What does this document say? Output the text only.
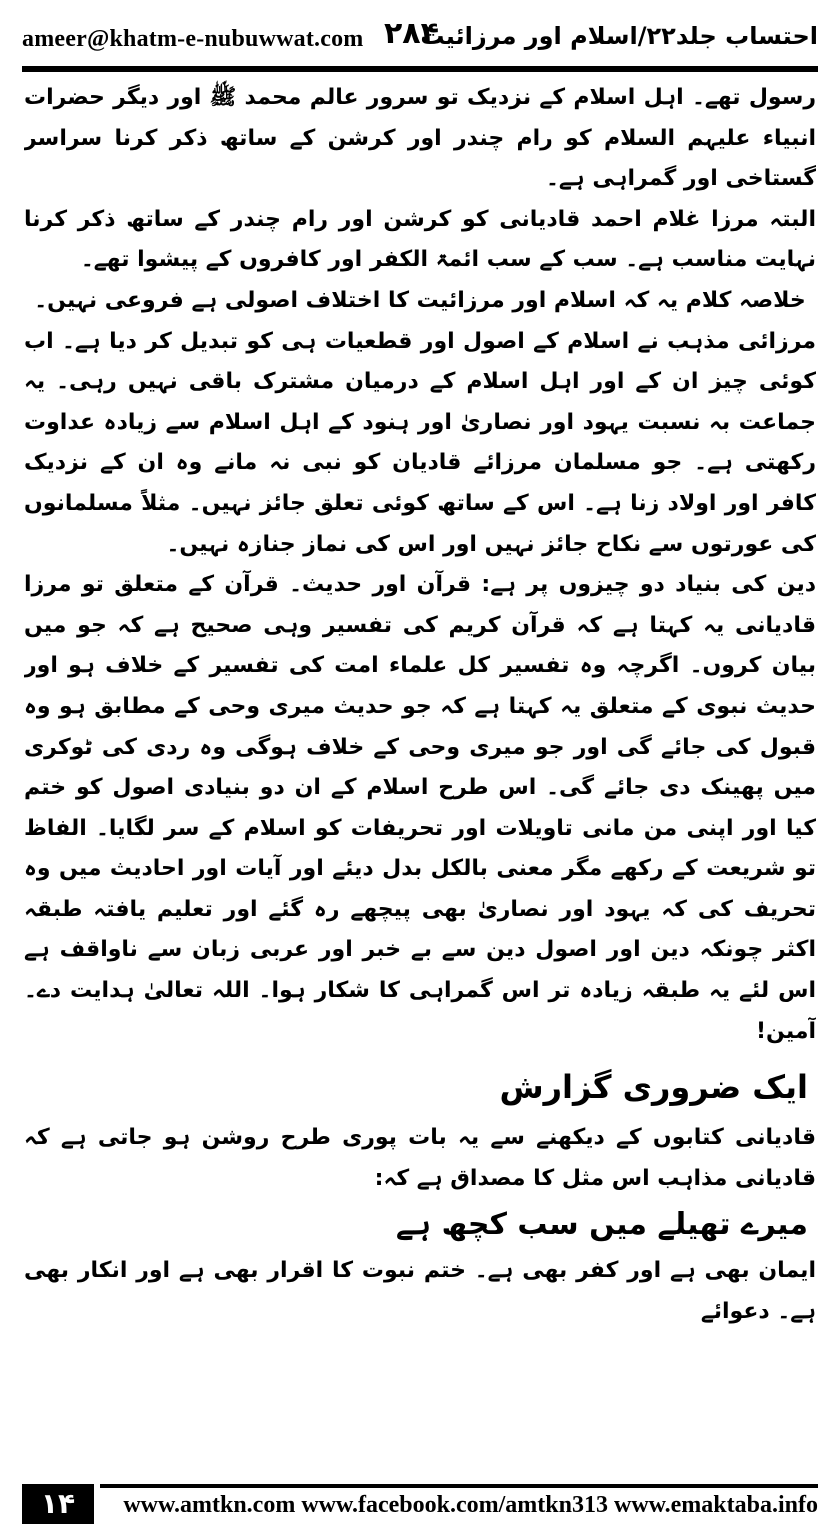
ameer@khatm-e-nubuwwat.com ۲۸۴
احتساب جلد۲۲/اسلام اور مرزائیت

رسول تھے۔ اہل اسلام کے نزدیک تو سرور عالم محمد ﷺ اور دیگر حضرات انبیاء علیہم السلام کو رام چندر اور کرشن کے ساتھ ذکر کرنا سراسر گستاخی اور گمراہی ہے۔

البتہ مرزا غلام احمد قادیانی کو کرشن اور رام چندر کے ساتھ ذکر کرنا نہایت مناسب ہے۔ سب کے سب ائمۃ الکفر اور کافروں کے پیشوا تھے۔

خلاصہ کلام یہ کہ اسلام اور مرزائیت کا اختلاف اصولی ہے فروعی نہیں۔

مرزائی مذہب نے اسلام کے اصول اور قطعیات ہی کو تبدیل کر دیا ہے۔ اب کوئی چیز ان کے اور اہل اسلام کے درمیان مشترک باقی نہیں رہی۔ یہ جماعت بہ نسبت یہود اور نصاریٰ اور ہنود کے اہل اسلام سے زیادہ عداوت رکھتی ہے۔ جو مسلمان مرزائے قادیان کو نبی نہ مانے وہ ان کے نزدیک کافر اور اولاد زنا ہے۔ اس کے ساتھ کوئی تعلق جائز نہیں۔ مثلاً مسلمانوں کی عورتوں سے نکاح جائز نہیں اور اس کی نماز جنازہ نہیں۔

دین کی بنیاد دو چیزوں پر ہے: قرآن اور حدیث۔ قرآن کے متعلق تو مرزا قادیانی یہ کہتا ہے کہ قرآن کریم کی تفسیر وہی صحیح ہے کہ جو میں بیان کروں۔ اگرچہ وہ تفسیر کل علماء امت کی تفسیر کے خلاف ہو اور حدیث نبوی کے متعلق یہ کہتا ہے کہ جو حدیث میری وحی کے مطابق ہو وہ قبول کی جائے گی اور جو میری وحی کے خلاف ہوگی وہ ردی کی ٹوکری میں پھینک دی جائے گی۔ اس طرح اسلام کے ان دو بنیادی اصول کو ختم کیا اور اپنی من مانی تاویلات اور تحریفات کو اسلام کے سر لگایا۔ الفاظ تو شریعت کے رکھے مگر معنی بالکل بدل دیئے اور آیات اور احادیث میں وہ تحریف کی کہ یہود اور نصاریٰ بھی پیچھے رہ گئے اور تعلیم یافتہ طبقہ اکثر چونکہ دین اور اصول دین سے بے خبر اور عربی زبان سے ناواقف ہے اس لئے یہ طبقہ زیادہ تر اس گمراہی کا شکار ہوا۔ اللہ تعالیٰ ہدایت دے۔ آمین!

ایک ضروری گزارش

قادیانی کتابوں کے دیکھنے سے یہ بات پوری طرح روشن ہو جاتی ہے کہ قادیانی مذاہب اس مثل کا مصداق ہے کہ:

میرے تھیلے میں سب کچھ ہے

ایمان بھی ہے اور کفر بھی ہے۔ ختم نبوت کا اقرار بھی ہے اور انکار بھی ہے۔ دعوائے

۱۴	www.amtkn.com www.facebook.com/amtkn313 www.emaktaba.info
